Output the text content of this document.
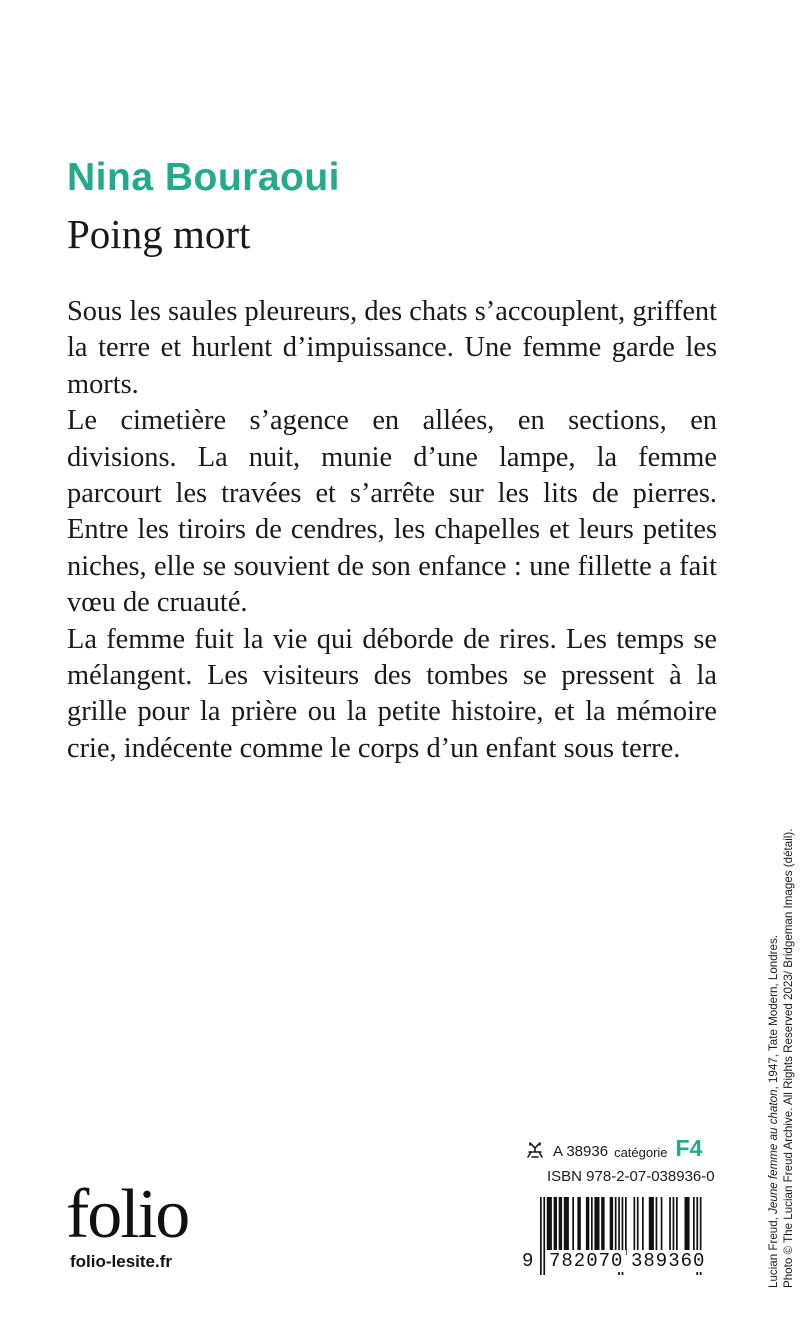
Nina Bouraoui
Poing mort

Sous les saules pleureurs, des chats s’accouplent, griffent la terre et hurlent d’impuissance. Une femme garde les morts.

Le cimetière s’agence en allées, en sections, en divisions. La nuit, munie d’une lampe, la femme parcourt les travées et s’arrête sur les lits de pierres. Entre les tiroirs de cendres, les chapelles et leurs petites niches, elle se souvient de son enfance : une fillette a fait vœu de cruauté.

La femme fuit la vie qui déborde de rires. Les temps se mélangent. Les visiteurs des tombes se pressent à la grille pour la prière ou la petite histoire, et la mémoire crie, indécente comme le corps d’un enfant sous terre.

Lucian Freud, Jeune femme au chaton, 1947, Tate Modern, Londres. Photo © The Lucian Freud Archive. All Rights Reserved 2023/ Bridgeman Images (détail).
A 38936 catégorie F4
ISBN 978-2-07-038936-0
folio
folio-lesite.fr	9 782070 389360
